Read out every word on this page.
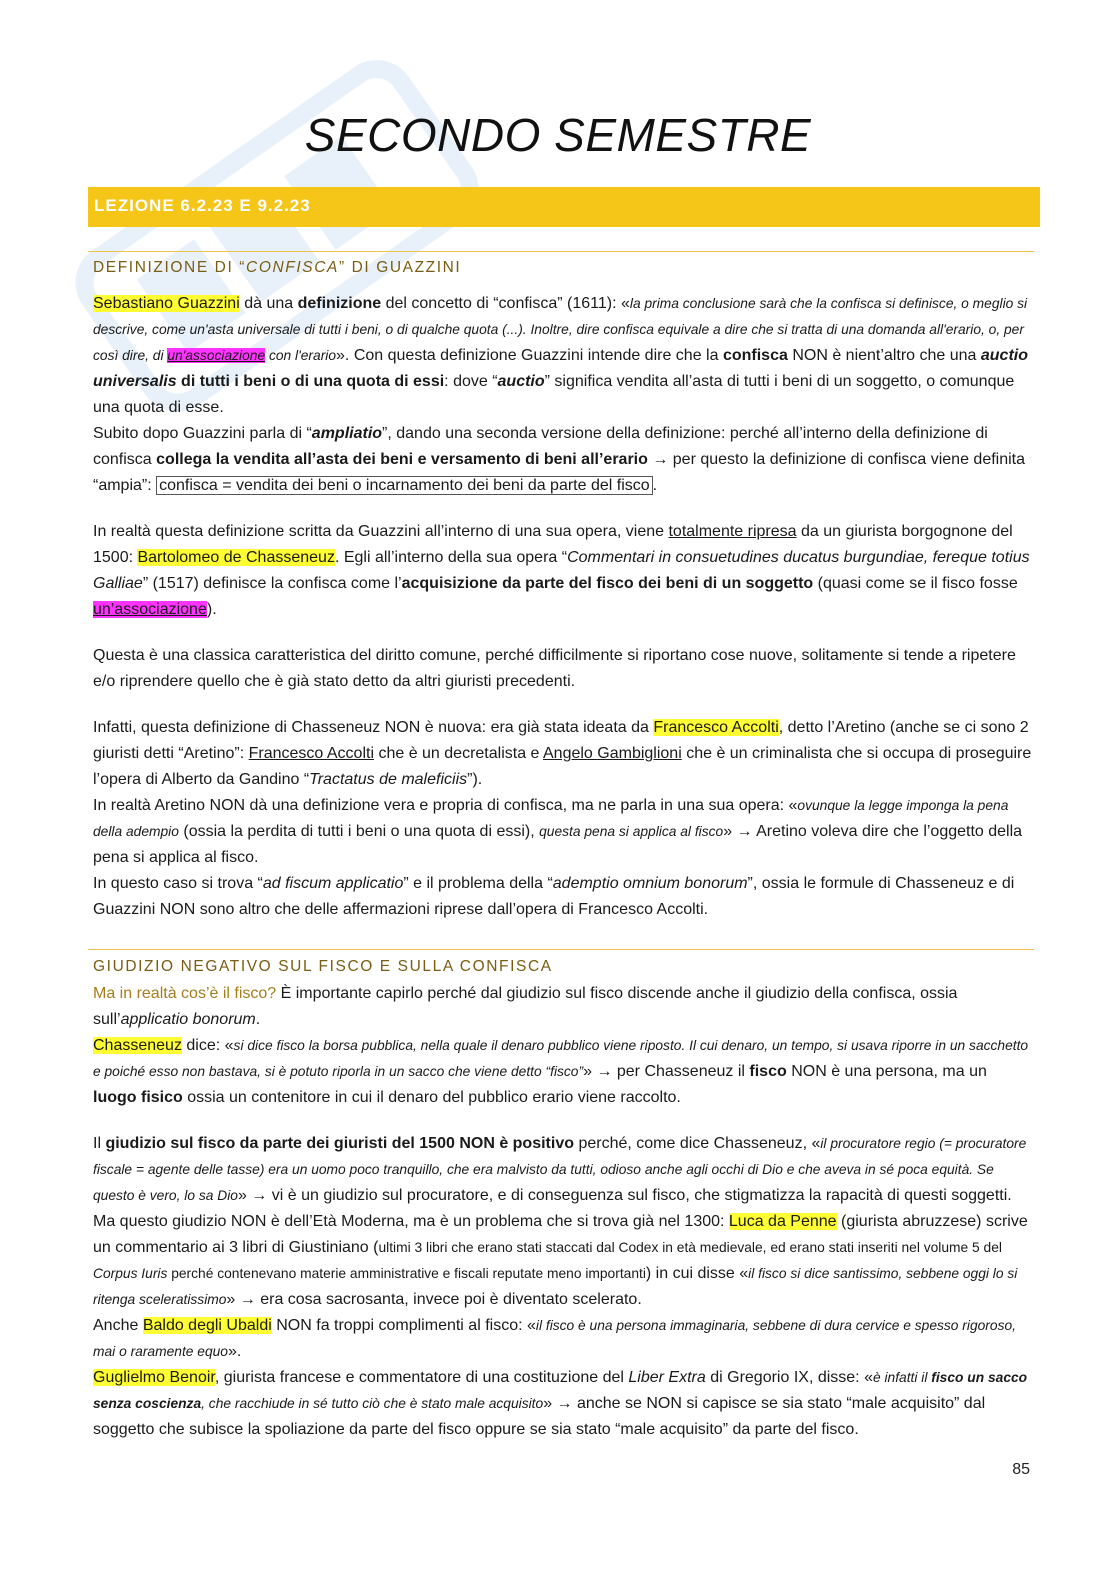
SECONDO SEMESTRE
LEZIONE 6.2.23 E 9.2.23
DEFINIZIONE DI “CONFISCA” DI GUAZZINI

Sebastiano Guazzini dà una definizione del concetto di “confisca” (1611): «la prima conclusione sarà che la confisca si definisce, o meglio si descrive, come un'asta universale di tutti i beni, o di qualche quota (...). Inoltre, dire confisca equivale a dire che si tratta di una domanda all'erario, o, per così dire, di un'associazione con l'erario». Con questa definizione Guazzini intende dire che la confisca NON è nient’altro che una auctio universalis di tutti i beni o di una quota di essi: dove “auctio” significa vendita all’asta di tutti i beni di un soggetto, o comunque una quota di esse.

Subito dopo Guazzini parla di “ampliatio”, dando una seconda versione della definizione: perché all’interno della definizione di confisca collega la vendita all’asta dei beni e versamento di beni all’erario → per questo la definizione di confisca viene definita “ampia”: confisca = vendita dei beni o incarnamento dei beni da parte del fisco .

In realtà questa definizione scritta da Guazzini all’interno di una sua opera, viene totalmente ripresa da un giurista borgognone del 1500: Bartolomeo de Chasseneuz. Egli all’interno della sua opera “Commentari in consuetudines ducatus burgundiae, fereque totius Galliae” (1517) definisce la confisca come l’acquisizione da parte del fisco dei beni di un soggetto (quasi come se il fisco fosse un’associazione).

Questa è una classica caratteristica del diritto comune, perché difficilmente si riportano cose nuove, solitamente si tende a ripetere e/o riprendere quello che è già stato detto da altri giuristi precedenti.

Infatti, questa definizione di Chasseneuz NON è nuova: era già stata ideata da Francesco Accolti, detto l’Aretino (anche se ci sono 2 giuristi detti “Aretino”: Francesco Accolti che è un decretalista e Angelo Gambiglioni che è un criminalista che si occupa di proseguire l’opera di Alberto da Gandino “Tractatus de maleficiis”).

In realtà Aretino NON dà una definizione vera e propria di confisca, ma ne parla in una sua opera: «ovunque la legge imponga la pena della adempio (ossia la perdita di tutti i beni o una quota di essi), questa pena si applica al fisco» → Aretino voleva dire che l’oggetto della pena si applica al fisco.

In questo caso si trova “ad fiscum applicatio” e il problema della “ademptio omnium bonorum”, ossia le formule di Chasseneuz e di Guazzini NON sono altro che delle affermazioni riprese dall’opera di Francesco Accolti.

Ma in realtà cos’è il fisco? È importante capirlo perché dal giudizio sul fisco discende anche il giudizio della confisca, ossia sull’applicatio bonorum.

Chasseneuz dice: «si dice fisco la borsa pubblica, nella quale il denaro pubblico viene riposto. Il cui denaro, un tempo, si usava riporre in un sacchetto e poiché esso non bastava, si è potuto riporla in un sacco che viene detto “fisco”» → per Chasseneuz il fisco NON è una persona, ma un luogo fisico ossia un contenitore in cui il denaro del pubblico erario viene raccolto.

Il giudizio sul fisco da parte dei giuristi del 1500 NON è positivo perché, come dice Chasseneuz, «il procuratore regio (= procuratore fiscale = agente delle tasse) era un uomo poco tranquillo, che era malvisto da tutti, odioso anche agli occhi di Dio e che aveva in sé poca equità. Se questo è vero, lo sa Dio» → vi è un giudizio sul procuratore, e di conseguenza sul fisco, che stigmatizza la rapacità di questi soggetti. Ma questo giudizio NON è dell’Età Moderna, ma è un problema che si trova già nel 1300: Luca da Penne (giurista abruzzese) scrive un commentario ai 3 libri di Giustiniano (ultimi 3 libri che erano stati staccati dal Codex in età medievale, ed erano stati inseriti nel volume 5 del Corpus Iuris perché contenevano materie amministrative e fiscali reputate meno importanti) in cui disse «il fisco si dice santissimo, sebbene oggi lo si ritenga sceleratissimo» → era cosa sacrosanta, invece poi è diventato scelerato.

Anche Baldo degli Ubaldi NON fa troppi complimenti al fisco: «il fisco è una persona immaginaria, sebbene di dura cervice e spesso rigoroso, mai o raramente equo».

Guglielmo Benoir, giurista francese e commentatore di una costituzione del Liber Extra di Gregorio IX, disse: «è infatti il fisco un sacco senza coscienza, che racchiude in sé tutto ciò che è stato male acquisito» → anche se NON si capisce se sia stato “male acquisito” dal soggetto che subisce la spoliazione da parte del fisco oppure se sia stato “male acquisito” da parte del fisco.

GIUDIZIO NEGATIVO SUL FISCO E SULLA CONFISCA
85
